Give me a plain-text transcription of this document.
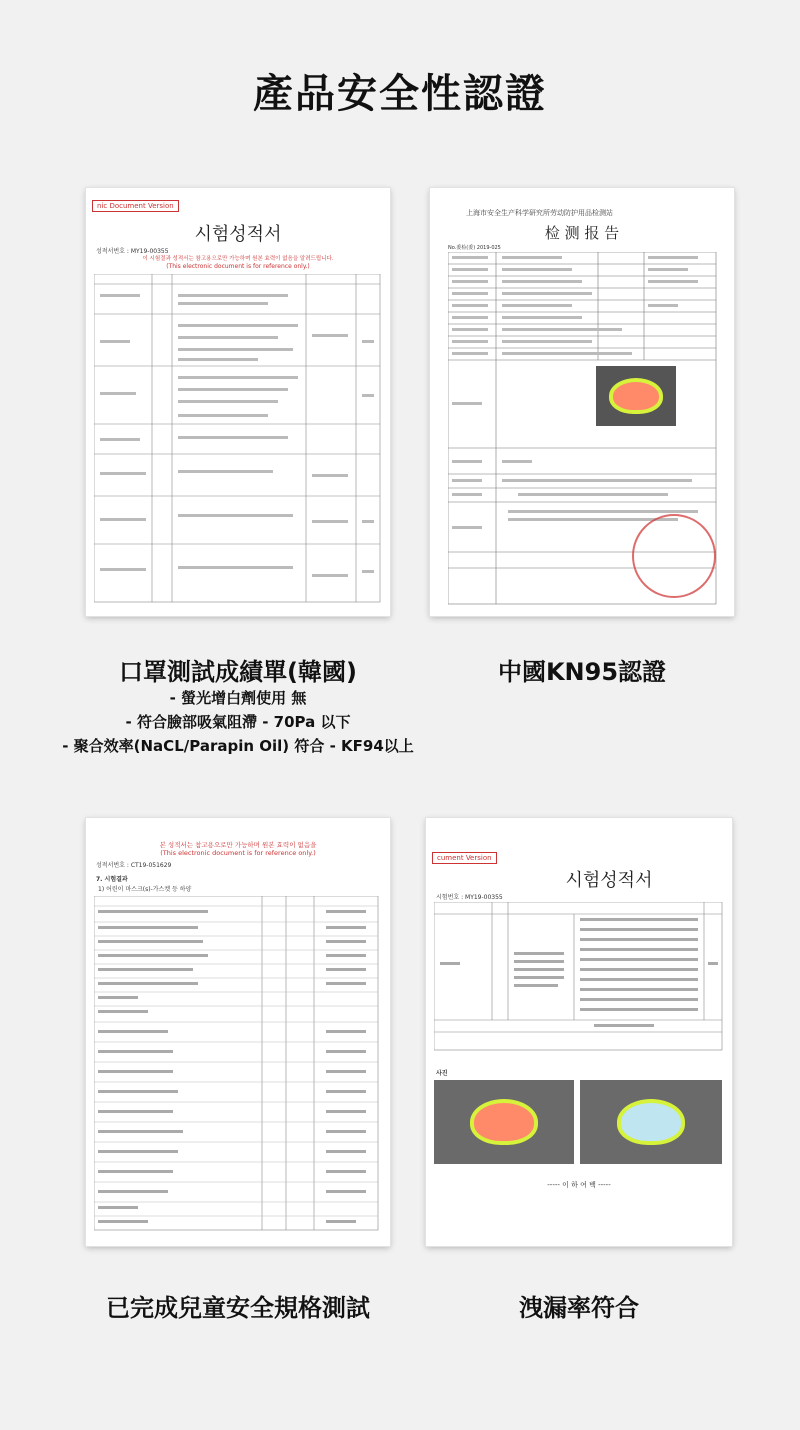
產品安全性認證
nic Document Version
시험성적서
성적서번호 : MY19-00355
이 시험결과 성적서는 참고용으로만 가능하며 원본 효력이 없음을 알려드립니다.
(This electronic document is for reference only.)
上海市安全生产科学研究所劳动防护用品检测站
检 测 报 告
No.委检(委) 2019-025
口罩測試成績單(韓國)
- 螢光增白劑使用 無
- 符合臉部吸氣阻滯 - 70Pa 以下
- 聚合效率(NaCL/Parapin Oil) 符合 - KF94以上
中國KN95認證
본 성적서는 참고용으로만 가능하며 원본 효력이 없음을
(This electronic document is for reference only.)
성적서번호 : CT19-051629
7. 시험결과
1) 어린이 마스크(s)-가스켓 등 하양
cument Version
시험성적서
시험번호 : MY19-00355
사진
----- 이 하 여 백 -----
已完成兒童安全規格測試	洩漏率符合
